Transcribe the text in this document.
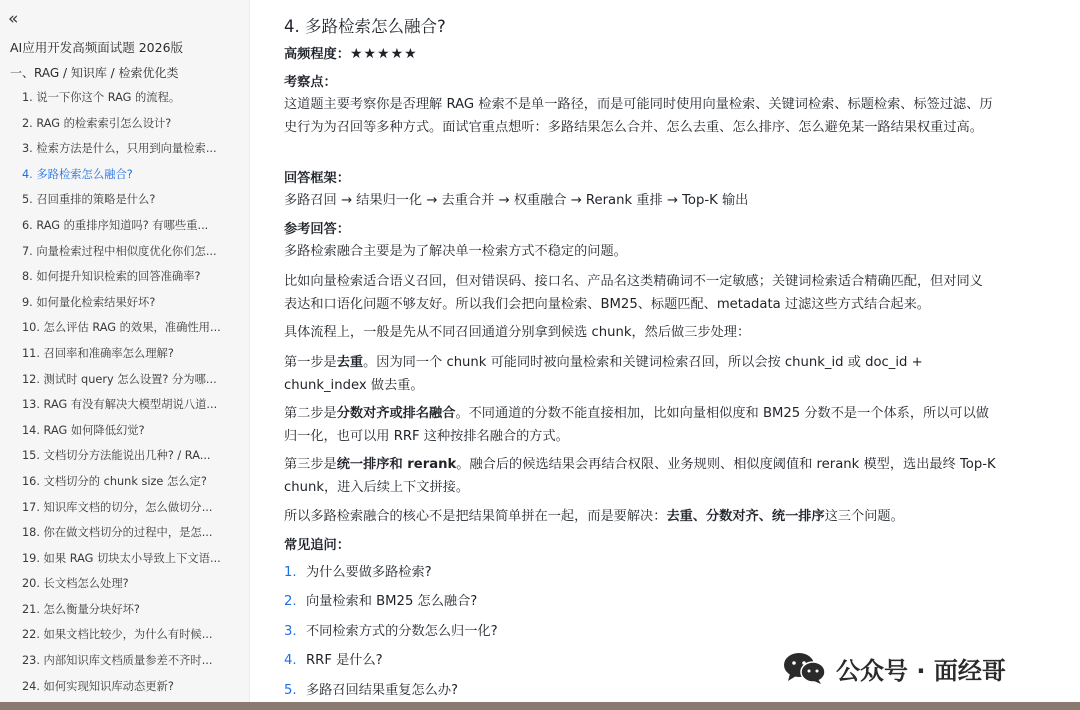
«
AI应用开发高频面试题 2026版
一、RAG / 知识库 / 检索优化类
1. 说一下你这个 RAG 的流程。
2. RAG 的检索索引怎么设计?
3. 检索方法是什么，只用到向量检索...
4. 多路检索怎么融合?
5. 召回重排的策略是什么?
6. RAG 的重排序知道吗? 有哪些重...
7. 向量检索过程中相似度优化你们怎...
8. 如何提升知识检索的回答准确率?
9. 如何量化检索结果好坏?
10. 怎么评估 RAG 的效果，准确性用...
11. 召回率和准确率怎么理解?
12. 测试时 query 怎么设置? 分为哪...
13. RAG 有没有解决大模型胡说八道...
14. RAG 如何降低幻觉?
15. 文档切分方法能说出几种? / RA...
16. 文档切分的 chunk size 怎么定?
17. 知识库文档的切分，怎么做切分...
18. 你在做文档切分的过程中，是怎...
19. 如果 RAG 切块太小导致上下文语...
20. 长文档怎么处理?
21. 怎么衡量分块好坏?
22. 如果文档比较少，为什么有时候...
23. 内部知识库文档质量参差不齐时...
24. 如何实现知识库动态更新?
4. 多路检索怎么融合?
高频程度：★★★★★
考察点：
这道题主要考察你是否理解 RAG 检索不是单一路径，而是可能同时使用向量检索、关键词检索、标题检索、标签过滤、历史行为为召回等多种方式。面试官重点想听：多路结果怎么合并、怎么去重、怎么排序、怎么避免某一路结果权重过高。
回答框架：
多路召回 → 结果归一化 → 去重合并 → 权重融合 → Rerank 重排 → Top-K 输出
参考回答：
多路检索融合主要是为了解决单一检索方式不稳定的问题。
比如向量检索适合语义召回，但对错误码、接口名、产品名这类精确词不一定敏感；关键词检索适合精确匹配，但对同义表达和口语化问题不够友好。所以我们会把向量检索、BM25、标题匹配、metadata 过滤这些方式结合起来。
具体流程上，一般是先从不同召回通道分别拿到候选 chunk，然后做三步处理：
第一步是去重。因为同一个 chunk 可能同时被向量检索和关键词检索召回，所以会按 chunk_id 或 doc_id + chunk_index 做去重。
第二步是分数对齐或排名融合。不同通道的分数不能直接相加，比如向量相似度和 BM25 分数不是一个体系，所以可以做归一化，也可以用 RRF 这种按排名融合的方式。
第三步是统一排序和 rerank。融合后的候选结果会再结合权限、业务规则、相似度阈值和 rerank 模型，选出最终 Top-K chunk，进入后续上下文拼接。
所以多路检索融合的核心不是把结果简单拼在一起，而是要解决：去重、分数对齐、统一排序这三个问题。
常见追问：
1. 为什么要做多路检索?
2. 向量检索和 BM25 怎么融合?
3. 不同检索方式的分数怎么归一化?
4. RRF 是什么?
5. 多路召回结果重复怎么办?
公众号 · 面经哥
